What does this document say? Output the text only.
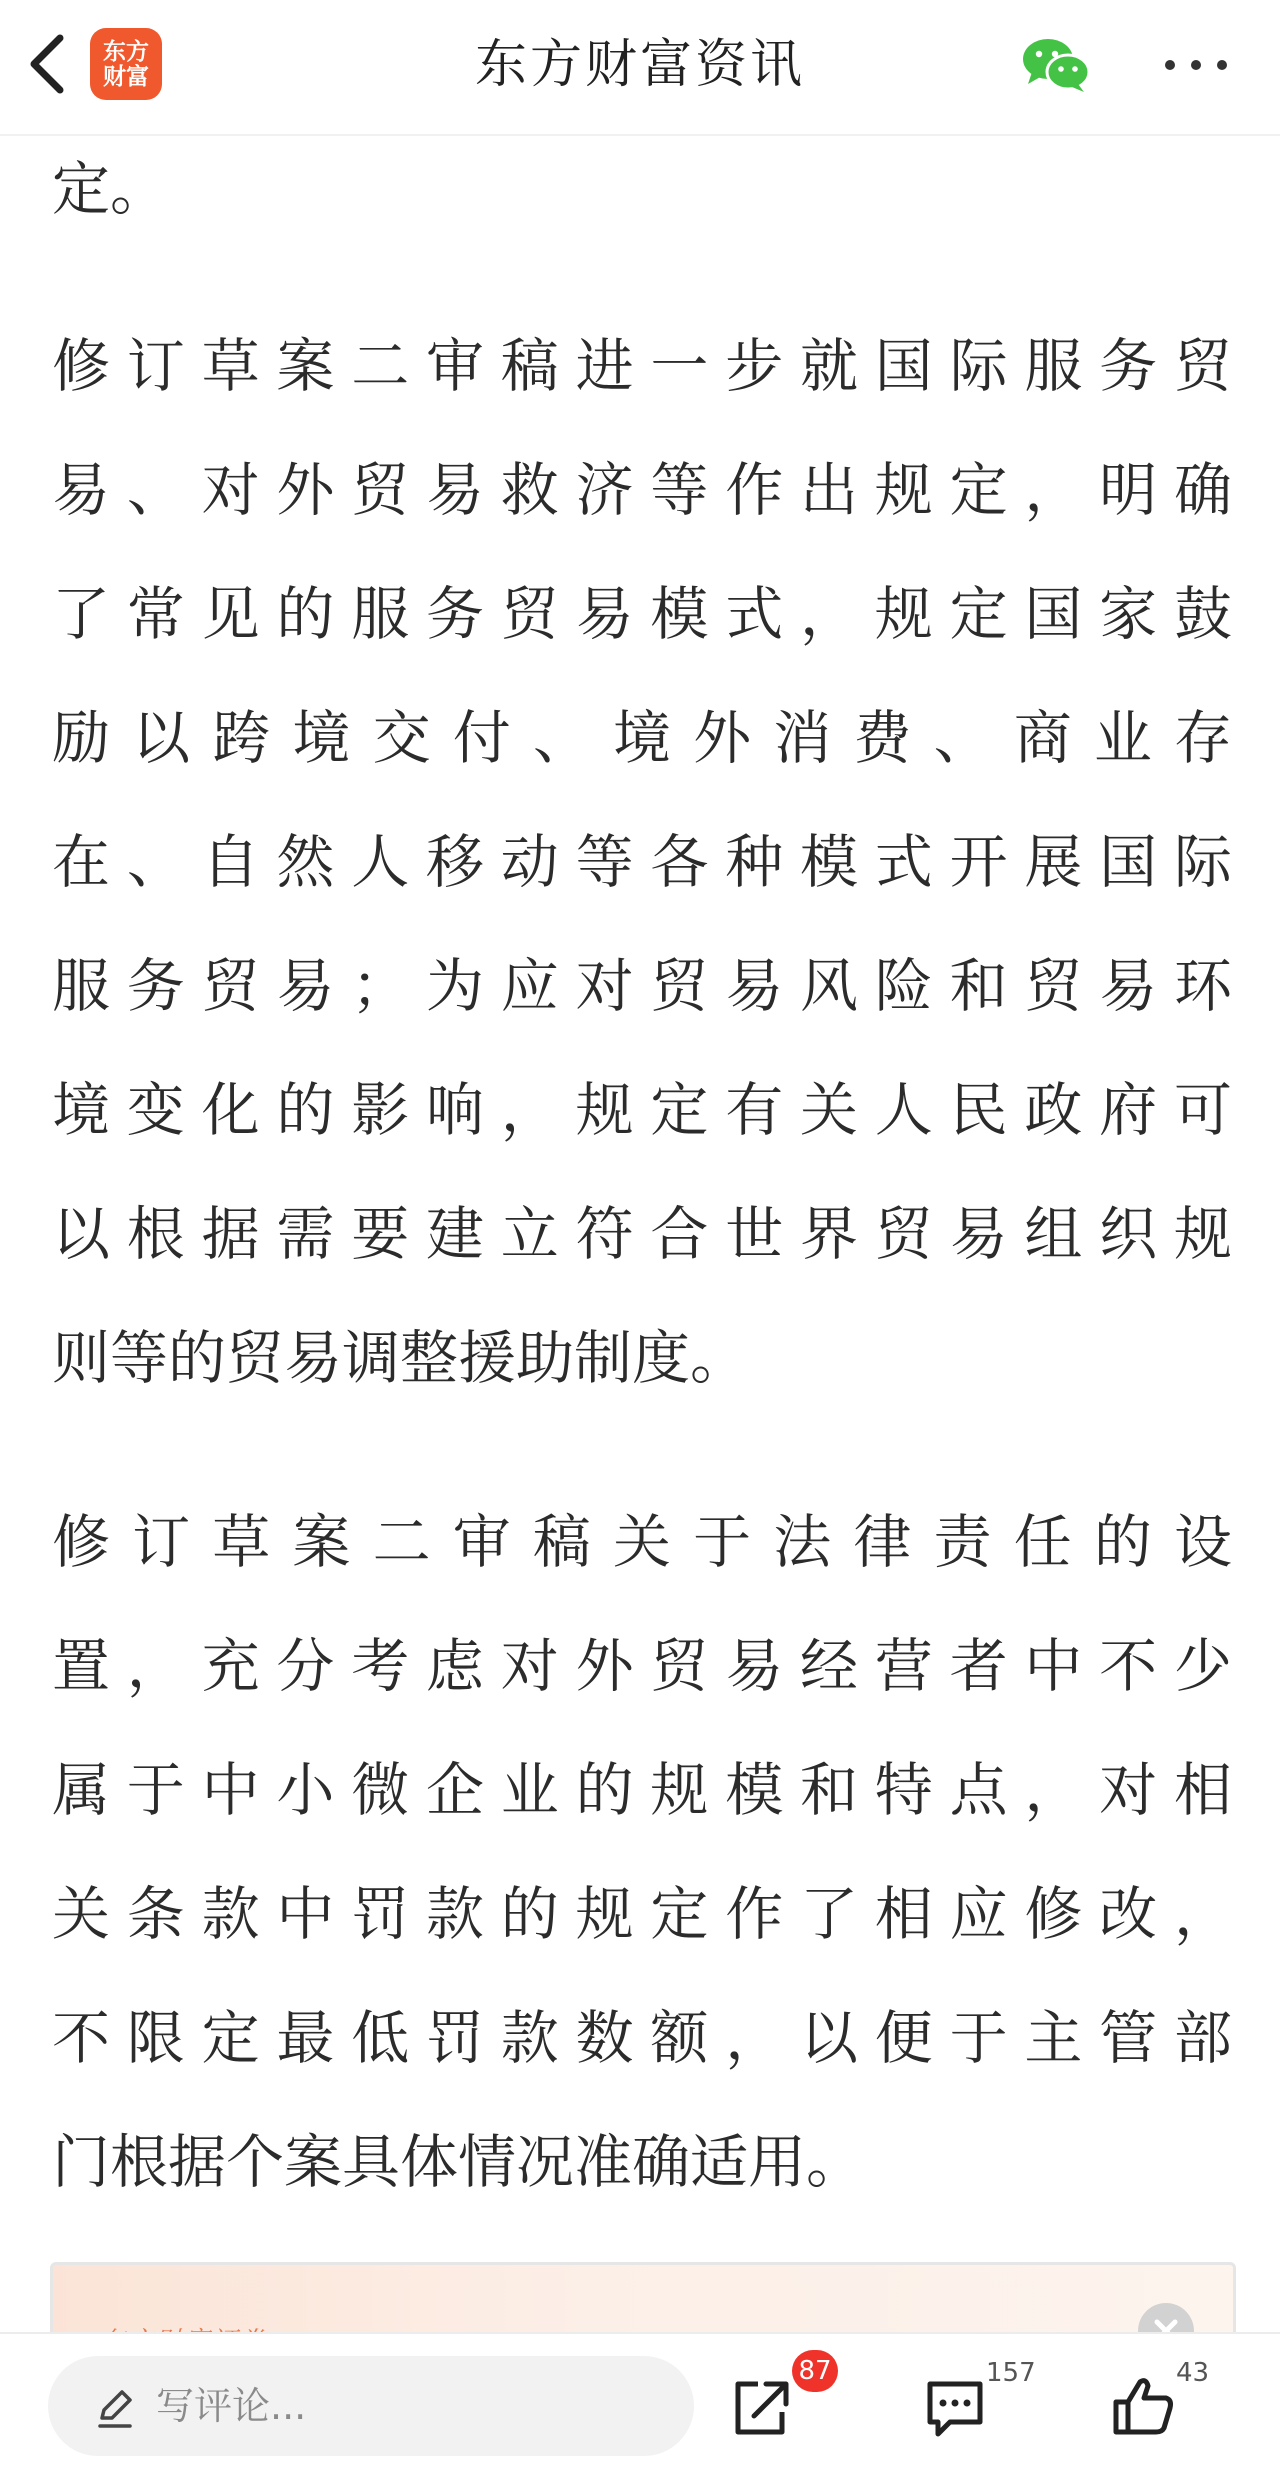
东方财富	东方财富资讯
定。
修订草案二审稿进一步就国际服务贸
易、对外贸易救济等作出规定，明确
了常见的服务贸易模式，规定国家鼓
励以跨境交付、境外消费、商业存
在、自然人移动等各种模式开展国际
服务贸易；为应对贸易风险和贸易环
境变化的影响，规定有关人民政府可
以根据需要建立符合世界贸易组织规
则等的贸易调整援助制度。
修订草案二审稿关于法律责任的设
置，充分考虑对外贸易经营者中不少
属于中小微企业的规模和特点，对相
关条款中罚款的规定作了相应修改，
不限定最低罚款数额，以便于主管部
门根据个案具体情况准确适用。
写评论...
87	157	43
